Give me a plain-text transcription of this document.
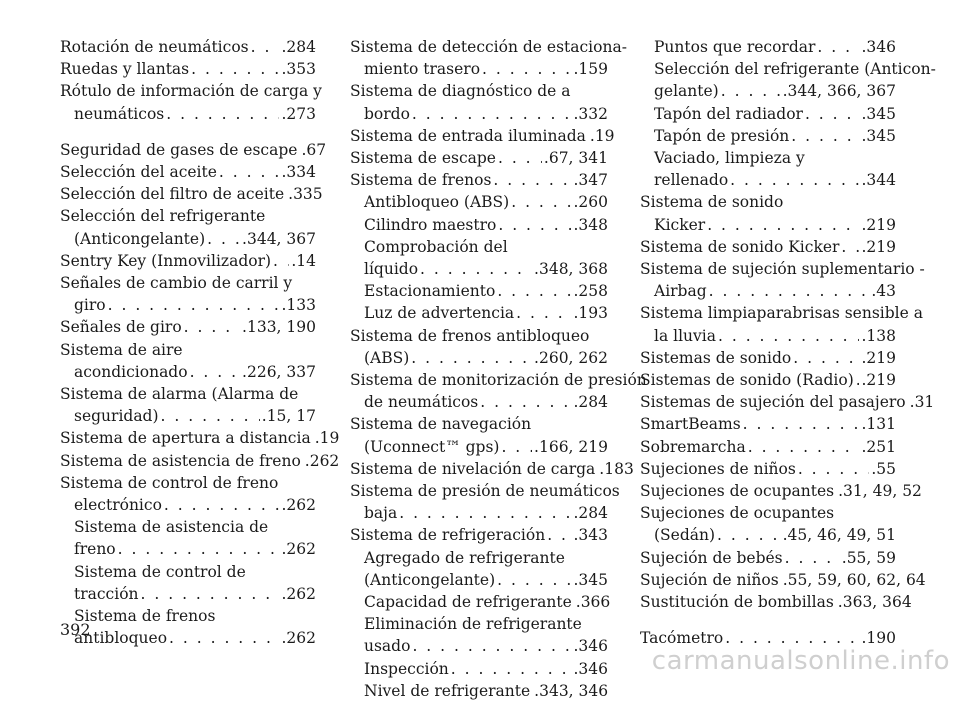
Rotación de neumáticos . . . .284
Ruedas y llantas . . .	.353
Rótulo de información de carga y
neumáticos . . .	.273
Seguridad de gases de escape .67
Selección del aceite . . .	.334
Selección del filtro de aceite .335
Selección del refrigerante
(Anticongelante) . . . .344, 367
Sentry Key (Inmovilizador) . . . .14
Señales de cambio de carril y
giro . . .	.133
Señales de giro . . .	.133, 190
Sistema de aire
acondicionado . . .	.226, 337
Sistema de alarma (Alarma de
seguridad) . . .	.15, 17
Sistema de apertura a distancia .19
Sistema de asistencia de freno .262
Sistema de control de freno
electrónico . . .	.262
Sistema de asistencia de
freno . . .	.262
Sistema de control de
tracción . . .	.262
Sistema de frenos
antibloqueo . . .	.262
Sistema de detección de estaciona-
miento trasero . . .	.159
Sistema de diagnóstico de a
bordo . . .	.332
Sistema de entrada iluminada .19
Sistema de escape . . .	.67, 341
Sistema de frenos . . .	.347
Antibloqueo (ABS) . . .	.260
Cilindro maestro . . .	.348
Comprobación del
líquido . . .	.348, 368
Estacionamiento . . .	.258
Luz de advertencia . . .	.193
Sistema de frenos antibloqueo
(ABS) . . .	.260, 262
Sistema de monitorización de presión
de neumáticos . . .	.284
Sistema de navegación
(Uconnect™ gps) . . . .166, 219
Sistema de nivelación de carga .183
Sistema de presión de neumáticos
baja . . .	.284
Sistema de refrigeración . . . .343
Agregado de refrigerante
(Anticongelante) . . .	.345
Capacidad de refrigerante .366
Eliminación de refrigerante
usado . . .	.346
Inspección . . .	.346
Nivel de refrigerante .343, 346
Puntos que recordar . . .	.346
Selección del refrigerante (Anticon-
gelante) . . .	.344, 366, 367
Tapón del radiador . . .	.345
Tapón de presión . . .	.345
Vaciado, limpieza y
rellenado . . .	.344
Sistema de sonido
Kicker . . .	.219
Sistema de sonido Kicker . . . .219
Sistema de sujeción suplementario -
Airbag . . .	.43
Sistema limpiaparabrisas sensible a
la lluvia . . .	.138
Sistemas de sonido . . .	.219
Sistemas de sonido (Radio) . . . .219
Sistemas de sujeción del pasajero .31
SmartBeams . . .	.131
Sobremarcha . . .	.251
Sujeciones de niños . . .	.55
Sujeciones de ocupantes .31, 49, 52
Sujeciones de ocupantes
(Sedán) . . .	.45, 46, 49, 51
Sujeción de bebés . . .	.55, 59
Sujeción de niños .55, 59, 60, 62, 64
Sustitución de bombillas .363, 364
Tacómetro . . .	.190
392
carmanualsonline.info
